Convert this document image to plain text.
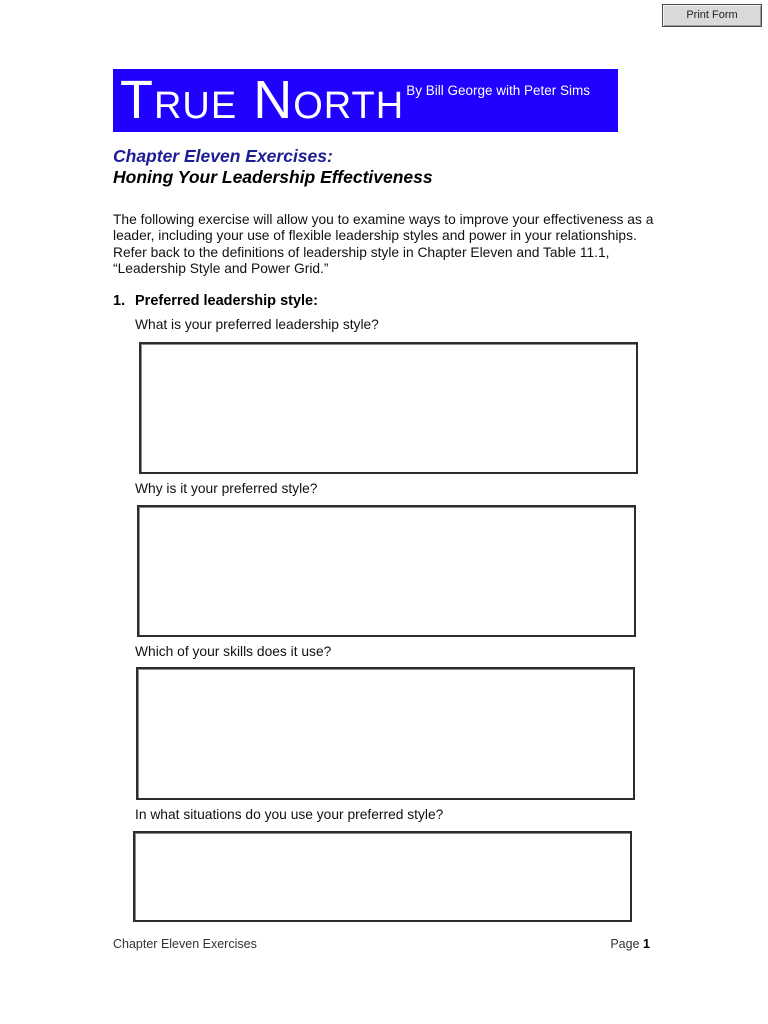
Print Form
True North By Bill George with Peter Sims
Chapter Eleven Exercises:
Honing Your Leadership Effectiveness
The following exercise will allow you to examine ways to improve your effectiveness as a
leader, including your use of flexible leadership styles and power in your relationships.
Refer back to the definitions of leadership style in Chapter Eleven and Table 11.1,
“Leadership Style and Power Grid.”
1. Preferred leadership style:
What is your preferred leadership style?
Why is it your preferred style?
Which of your skills does it use?
In what situations do you use your preferred style?
Chapter Eleven Exercises	Page 1
